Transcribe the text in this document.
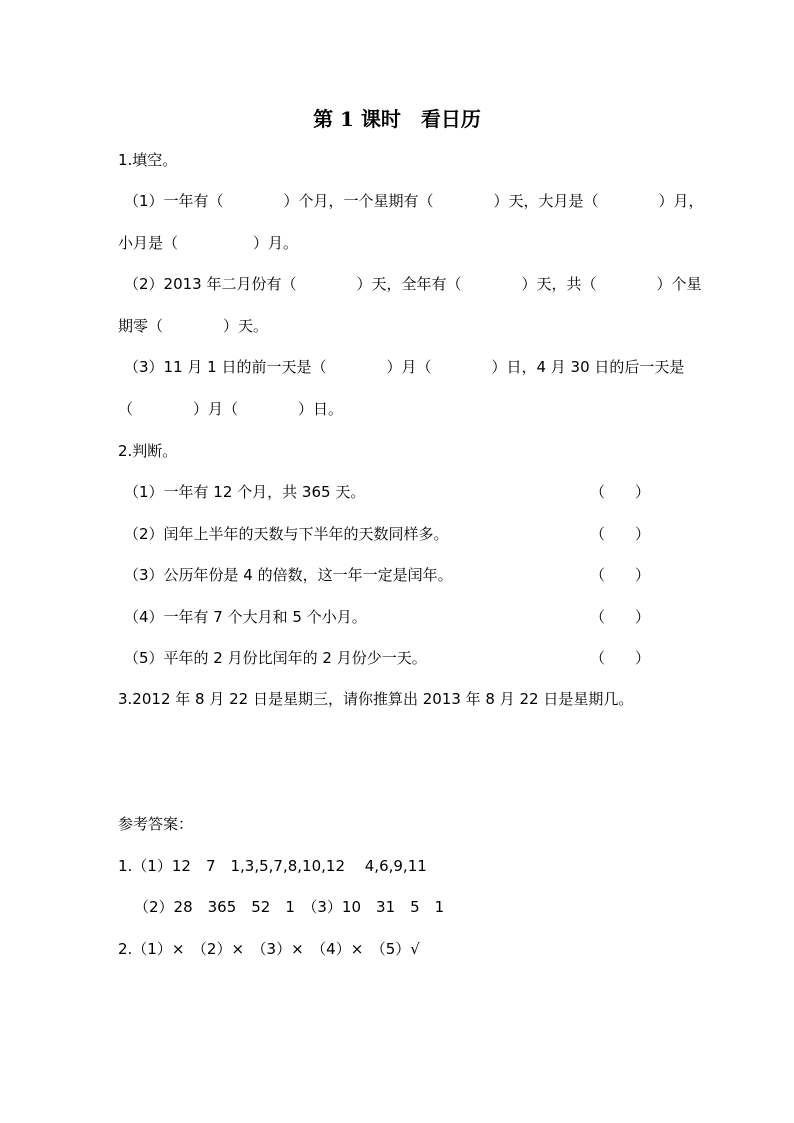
第 1 课时　看日历
1.填空。
（1）一年有（　　　　）个月，一个星期有（　　　　）天，大月是（　　　　）月，
小月是（　　　　　）月。
（2）2013 年二月份有（　　　　）天，全年有（　　　　）天，共（　　　　）个星
期零（　　　　）天。
（3）11 月 1 日的前一天是（　　　　）月（　　　　）日，4 月 30 日的后一天是
（　　　　）月（　　　　）日。
2.判断。
（1）一年有 12 个月，共 365 天。	（　　）
（2）闰年上半年的天数与下半年的天数同样多。	（　　）
（3）公历年份是 4 的倍数，这一年一定是闰年。	（　　）
（4）一年有 7 个大月和 5 个小月。	（　　）
（5）平年的 2 月份比闰年的 2 月份少一天。	（　　）
3.2012 年 8 月 22 日是星期三，请你推算出 2013 年 8 月 22 日是星期几。
参考答案：
1.（1）12　7　1,3,5,7,8,10,12　 4,6,9,11
（2）28　365　52　1　（3）10　31　5　1
2.（1）×　（2）×　（3）×　（4）×　（5）√
